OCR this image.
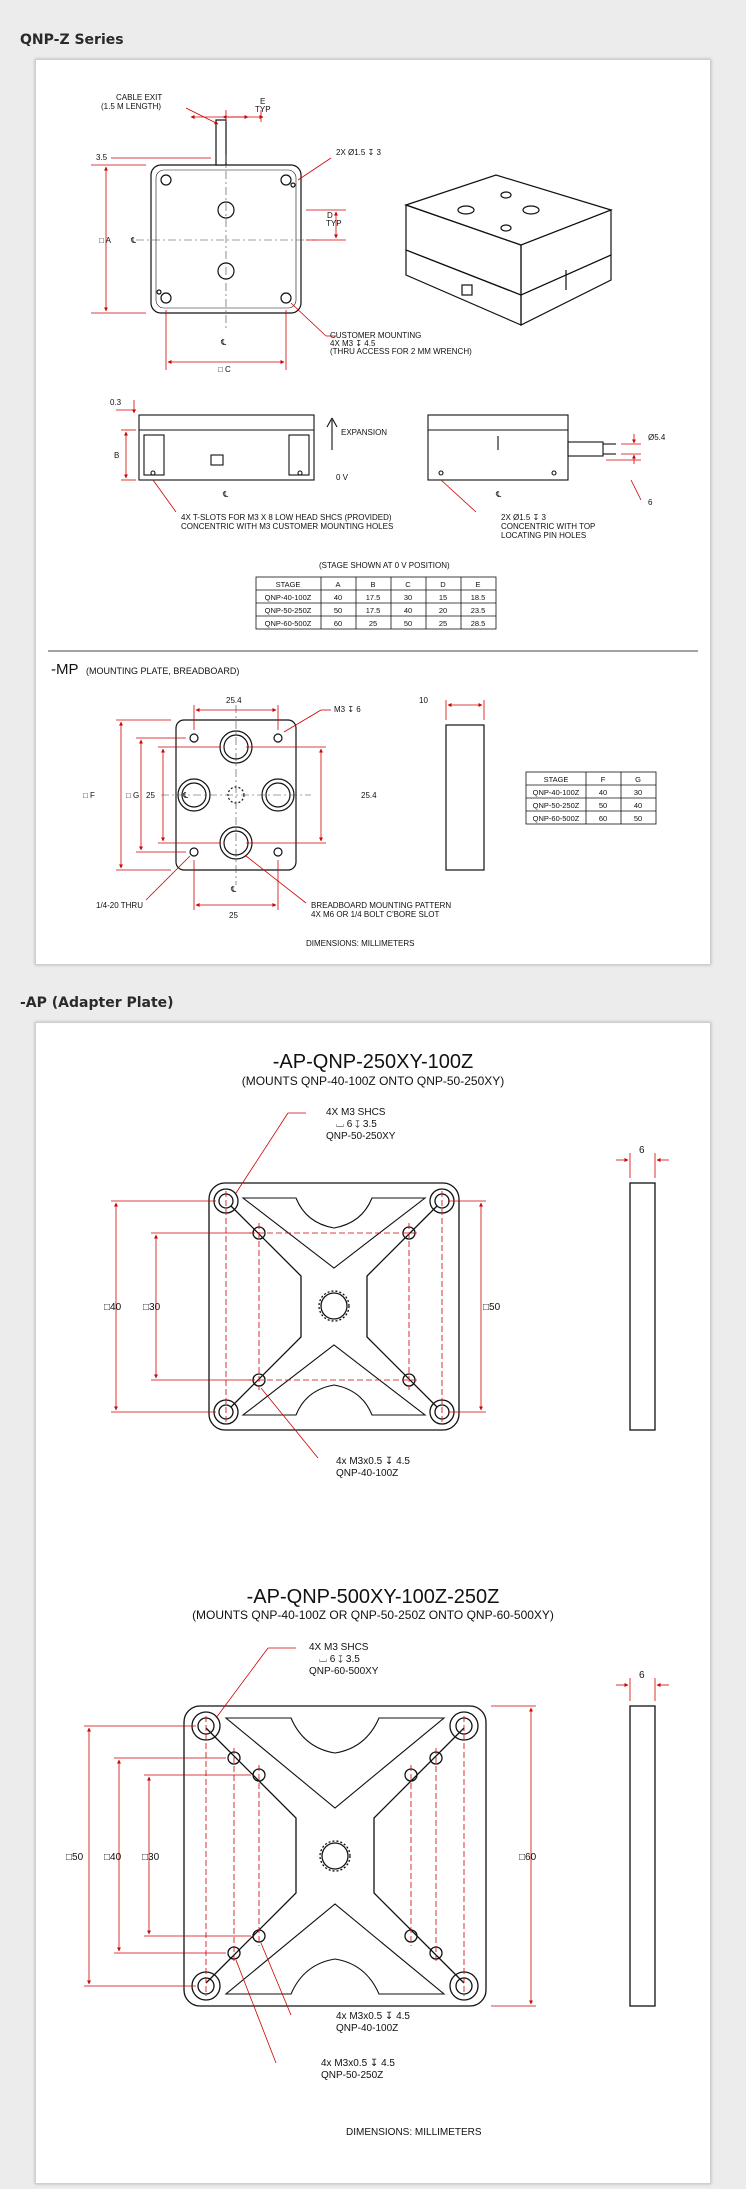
QNP-Z Series
CABLE EXIT
(1.5 M LENGTH)
3.5
E
TYP
2X Ø1.5 ↧ 3
D
TYP
□ A
□ C
℄
℄
CUSTOMER MOUNTING
4X M3 ↧ 4.5
(THRU ACCESS FOR 2 MM WRENCH)
0.3
B
EXPANSION
0 V
Ø5.4
6
℄	℄
4X T-SLOTS FOR M3 X 8 LOW HEAD SHCS (PROVIDED)
CONCENTRIC WITH M3 CUSTOMER MOUNTING HOLES
2X Ø1.5 ↧ 3
CONCENTRIC WITH TOP
LOCATING PIN HOLES
(STAGE SHOWN AT 0 V POSITION)
STAGE	A	B	C	D	E
QNP-40-100Z	40	17.5	30	15	18.5
QNP-50-250Z	50	17.5	40	20	23.5
QNP-60-500Z	60	25	50	25	28.5
-MP (MOUNTING PLATE, BREADBOARD)
25.4
M3 ↧ 6
10
□ F	□ G 25	25.4
25
℄
℄
1/4-20 THRU	BREADBOARD MOUNTING PATTERN
4X M6 OR 1/4 BOLT C'BORE SLOT
DIMENSIONS: MILLIMETERS
STAGE	F	G
QNP-40-100Z	40	30
QNP-50-250Z	50	40
QNP-60-500Z	60	50
-AP (Adapter Plate)
-AP-QNP-250XY-100Z
(MOUNTS QNP-40-100Z ONTO QNP-50-250XY)
4X M3 SHCS
⌴ 6 ↧ 3.5
QNP-50-250XY
6
□40 □30	□50
4x M3x0.5 ↧ 4.5
QNP-40-100Z
-AP-QNP-500XY-100Z-250Z
(MOUNTS QNP-40-100Z OR QNP-50-250Z ONTO QNP-60-500XY)
4X M3 SHCS
⌴ 6 ↧ 3.5
QNP-60-500XY	6
□50 □40 □30	□60
4x M3x0.5 ↧ 4.5
QNP-40-100Z
4x M3x0.5 ↧ 4.5
QNP-50-250Z
DIMENSIONS: MILLIMETERS
